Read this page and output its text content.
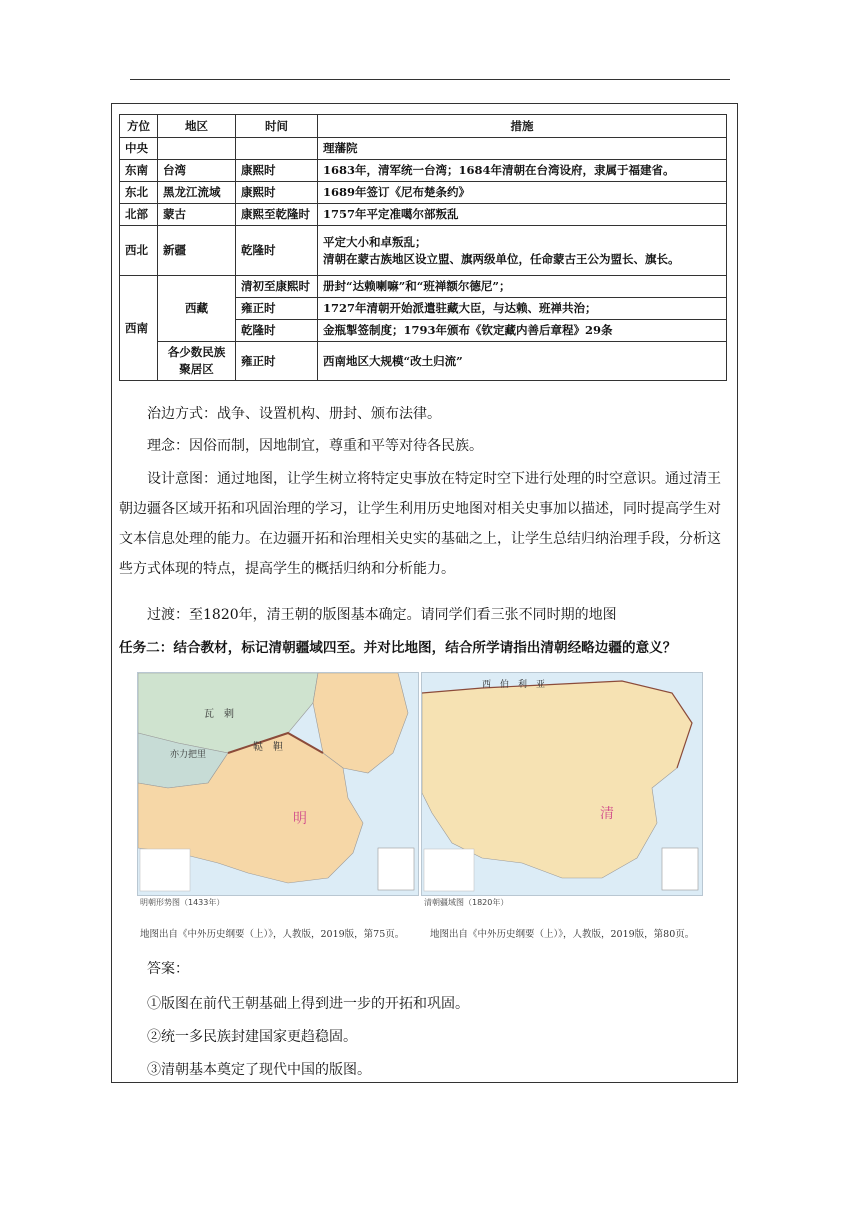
方位	地区	时间	措施
中央			理藩院
东南	台湾	康熙时	1683年，清军统一台湾；1684年清朝在台湾设府，隶属于福建省。
东北	黑龙江流域	康熙时	1689年签订《尼布楚条约》
北部	蒙古	康熙至乾隆时	1757年平定准噶尔部叛乱
西北	新疆	乾隆时	平定大小和卓叛乱；
清朝在蒙古族地区设立盟、旗两级单位，任命蒙古王公为盟长、旗长。

西南	西藏	清初至康熙时	册封“达赖喇嘛”和“班禅额尔德尼”；
		雍正时	1727年清朝开始派遣驻藏大臣，与达赖、班禅共治；
		乾隆时	金瓶掣签制度；1793年颁布《钦定藏内善后章程》29条
	各少数民族聚居区	雍正时	西南地区大规模“改土归流”
治边方式：战争、设置机构、册封、颁布法律。
理念：因俗而制，因地制宜，尊重和平等对待各民族。
设计意图：通过地图，让学生树立将特定史事放在特定时空下进行处理的时空意识。通过清王朝边疆各区域开拓和巩固治理的学习，让学生利用历史地图对相关史事加以描述，同时提高学生对文本信息处理的能力。在边疆开拓和治理相关史实的基础之上，让学生总结归纳治理手段，分析这些方式体现的特点，提高学生的概括归纳和分析能力。
过渡：至1820年，清王朝的版图基本确定。请同学们看三张不同时期的地图
任务二：结合教材，标记清朝疆域四至。并对比地图，结合所学请指出清朝经略边疆的意义？
瓦　剌
鞑　靼
亦力把里
明
明朝形势图（1433年）
西　伯　利　亚
清
清朝疆域图（1820年）
地图出自《中外历史纲要（上）》，人教版，2019版，第75页。	地图出自《中外历史纲要（上）》，人教版，2019版，第80页。
答案：
①版图在前代王朝基础上得到进一步的开拓和巩固。
②统一多民族封建国家更趋稳固。
③清朝基本奠定了现代中国的版图。
